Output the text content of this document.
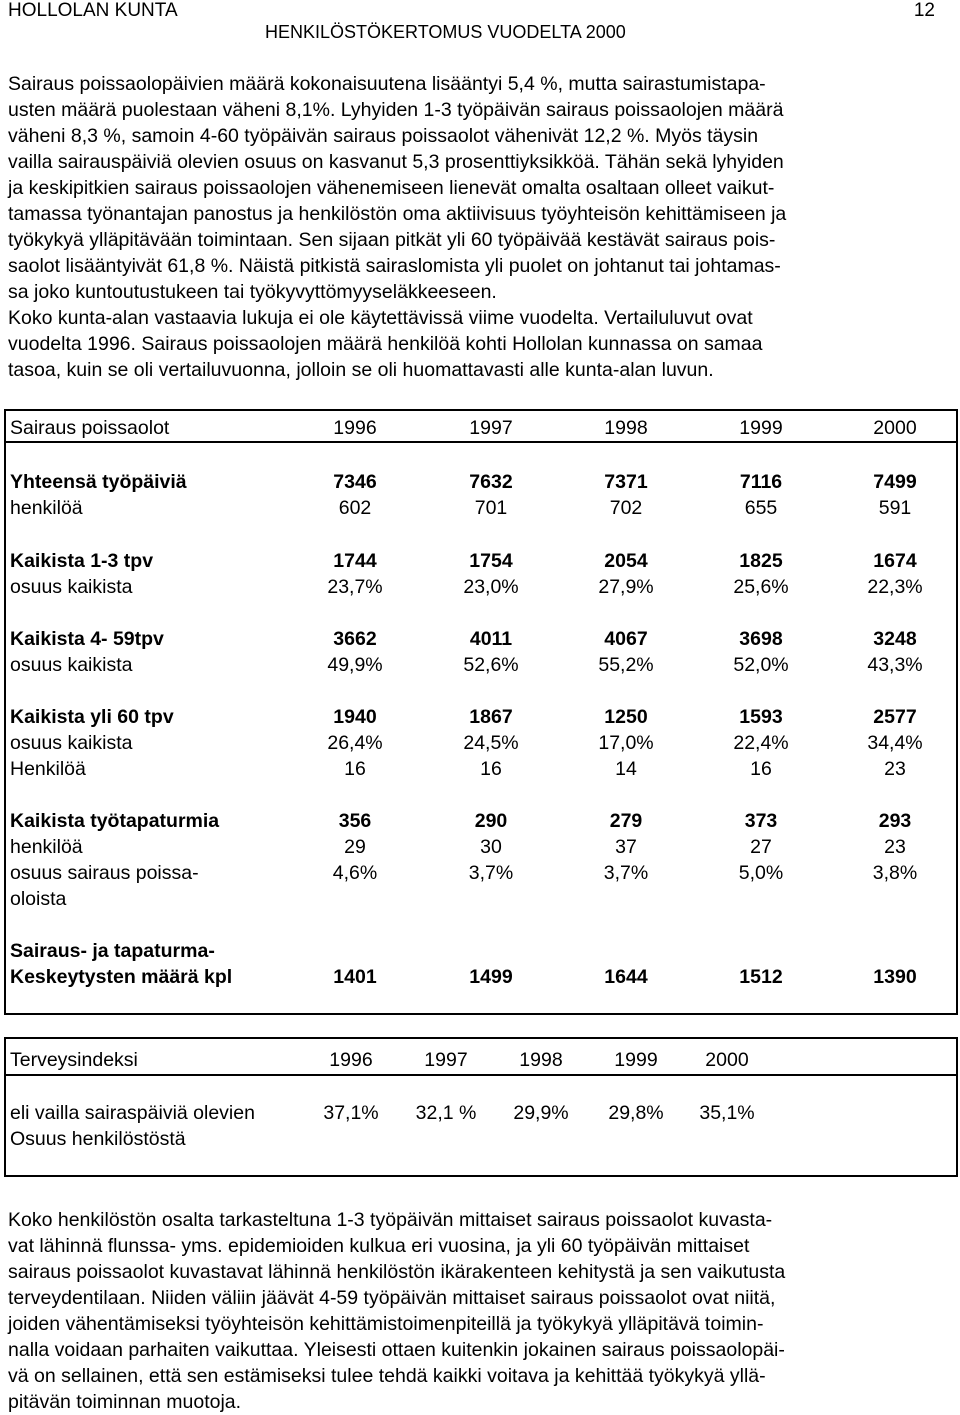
HOLLOLAN KUNTA	12
HENKILÖSTÖKERTOMUS VUODELTA 2000
Sairaus poissaolopäivien määrä kokonaisuutena lisääntyi 5,4 %, mutta sairastumistapa-
usten määrä puolestaan väheni 8,1%. Lyhyiden 1-3 työpäivän sairaus poissaolojen määrä
väheni 8,3 %, samoin 4-60 työpäivän sairaus poissaolot vähenivät 12,2 %. Myös täysin
vailla sairauspäiviä olevien osuus on kasvanut 5,3 prosenttiyksikköä. Tähän sekä lyhyiden
ja keskipitkien sairaus poissaolojen vähenemiseen lienevät omalta osaltaan olleet vaikut-
tamassa työnantajan panostus ja henkilöstön oma aktiivisuus työyhteisön kehittämiseen ja
työkykyä ylläpitävään toimintaan. Sen sijaan pitkät yli 60 työpäivää kestävät sairaus pois-
saolot lisääntyivät 61,8 %. Näistä pitkistä sairaslomista yli puolet on johtanut tai johtamas-
sa joko kuntoutustukeen tai työkyvyttömyyseläkkeeseen.
Koko kunta-alan vastaavia lukuja ei ole käytettävissä viime vuodelta. Vertailuluvut ovat
vuodelta 1996. Sairaus poissaolojen määrä henkilöä kohti Hollolan kunnassa on samaa
tasoa, kuin se oli vertailuvuonna, jolloin se oli huomattavasti alle kunta-alan luvun.
Sairaus poissaolot	1996	1997	1998	1999	2000
Yhteensä työpäiviä	7346	7632	7371	7116	7499
henkilöä	602	701	702	655	591
Kaikista 1-3 tpv	1744	1754	2054	1825	1674
osuus kaikista	23,7%	23,0%	27,9%	25,6%	22,3%
Kaikista 4- 59tpv	3662	4011	4067	3698	3248
osuus kaikista	49,9%	52,6%	55,2%	52,0%	43,3%
Kaikista yli 60 tpv	1940	1867	1250	1593	2577
osuus kaikista	26,4%	24,5%	17,0%	22,4%	34,4%
Henkilöä	16	16	14	16	23
Kaikista työtapaturmia	356	290	279	373	293
henkilöä	29	30	37	27	23
osuus sairaus poissa-	4,6%	3,7%	3,7%	5,0%	3,8%
oloista
Sairaus- ja tapaturma-
Keskeytysten määrä kpl	1401	1499	1644	1512	1390
Terveysindeksi	1996	1997	1998	1999	2000
eli vailla sairaspäiviä olevien	37,1%	32,1 %	29,9%	29,8%	35,1%
Osuus henkilöstöstä
Koko henkilöstön osalta tarkasteltuna 1-3 työpäivän mittaiset sairaus poissaolot kuvasta-
vat lähinnä flunssa- yms. epidemioiden kulkua eri vuosina, ja yli 60 työpäivän mittaiset
sairaus poissaolot kuvastavat lähinnä henkilöstön ikärakenteen kehitystä ja sen vaikutusta
terveydentilaan. Niiden väliin jäävät 4-59 työpäivän mittaiset sairaus poissaolot ovat niitä,
joiden vähentämiseksi työyhteisön kehittämistoimenpiteillä ja työkykyä ylläpitävä toimin-
nalla voidaan parhaiten vaikuttaa. Yleisesti ottaen kuitenkin jokainen sairaus poissaolopäi-
vä on sellainen, että sen estämiseksi tulee tehdä kaikki voitava ja kehittää työkykyä yllä-
pitävän toiminnan muotoja.
